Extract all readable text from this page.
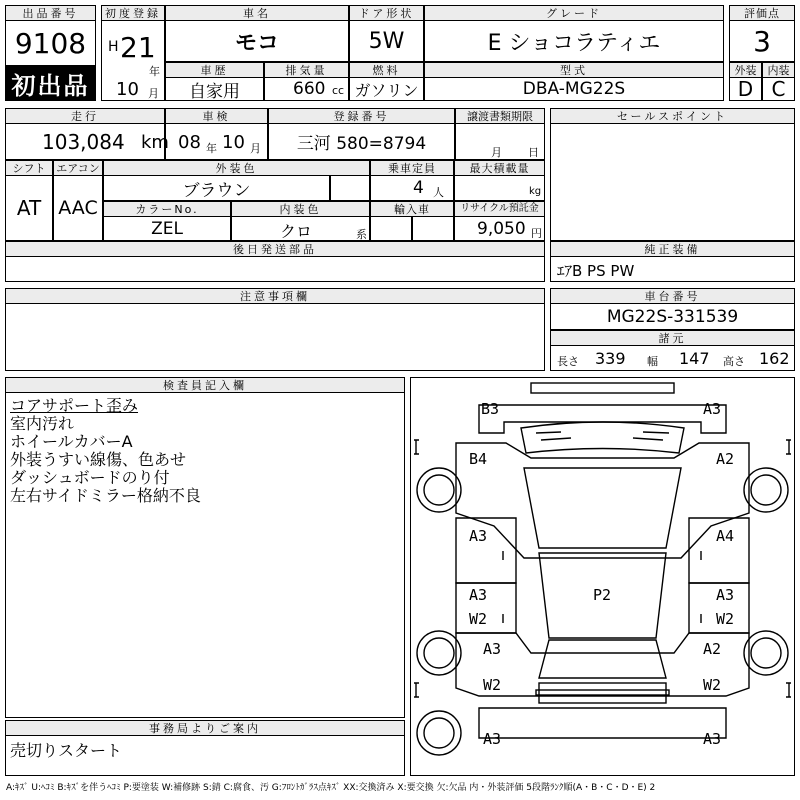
出品番号
9108
初出品
初度登録
H 21
年
10 月
車名
モコ
ドア形状
5W
グレード
E ショコラティエ
車歴
自家用
排気量
660 cc
燃料
ガソリン
型式
DBA-MG22S
評価点
3
外装	内装
D C
走行
103,084 km
車検
08 年 10 月
登録番号
三河 580=8794
譲渡書類期限
月 日
シフト
AT
エアコン
AAC
外装色
ブラウン
乗車定員
4 人
最大積載量
kg
カラーNo.
ZEL
内装色
クロ	系
輸入車	リサイクル預託金
9,050 円
後日発送部品
セールスポイント
純正装備
ｴｱB PS PW
注意事項欄	車台番号
MG22S-331539
諸元
長さ 339 幅 147 高さ 162
検査員記入欄
コアサポート歪み
室内汚れ
ホイールカバーA
外装うすい線傷、色あせ
ダッシュボードのり付
左右サイドミラー格納不良
事務局よりご案内
売切りスタート
B3	A3
B4	A2
A3	A4
A3
W2
A3
W2
P2
A3
W2
A2
W2
A3	A3
A:ｷｽﾞ U:ﾍｺﾐ B:ｷｽﾞを伴うﾍｺﾐ P:要塗装 W:補修跡 S:錆 C:腐食、汚 G:ﾌﾛﾝﾄｶﾞﾗｽ点ｷｽﾞ XX:交換済み X:要交換 欠:欠品 内・外装評価 5段階ﾗﾝｸ順(A・B・C・D・E) 2
